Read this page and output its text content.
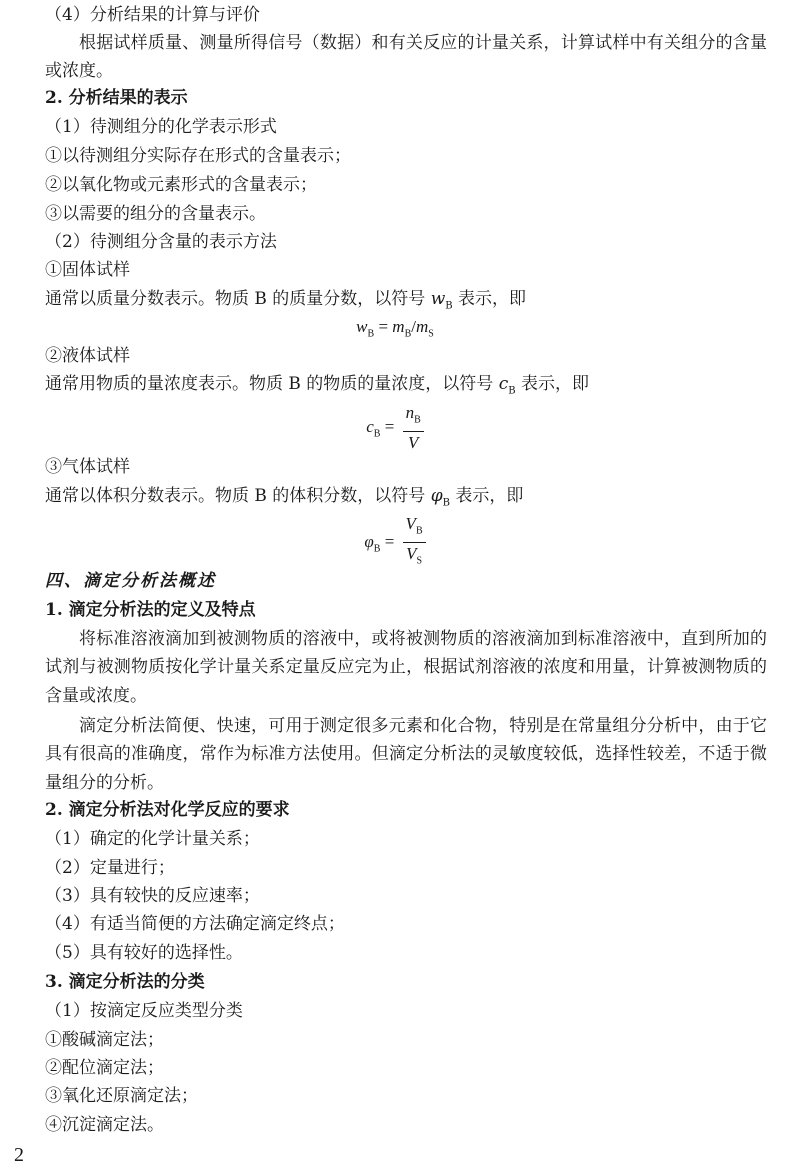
（4）分析结果的计算与评价
根据试样质量、测量所得信号（数据）和有关反应的计量关系，计算试样中有关组分的含量或浓度。
2. 分析结果的表示
（1）待测组分的化学表示形式
①以待测组分实际存在形式的含量表示；
②以氧化物或元素形式的含量表示；
③以需要的组分的含量表示。
（2）待测组分含量的表示方法
①固体试样
通常以质量分数表示。物质 B 的质量分数，以符号 $w_B$ 表示，即
$w_B = m_B/m_S$
②液体试样
通常用物质的量浓度表示。物质 B 的物质的量浓度，以符号 $c_B$ 表示，即
$c_B = \frac{n_B}{V}$
③气体试样
通常以体积分数表示。物质 B 的体积分数，以符号 $\varphi_B$ 表示，即
$\varphi_B = \frac{V_B}{V_S}$
四、滴定分析法概述
1. 滴定分析法的定义及特点
将标准溶液滴加到被测物质的溶液中，或将被测物质的溶液滴加到标准溶液中，直到所加的试剂与被测物质按化学计量关系定量反应完为止，根据试剂溶液的浓度和用量，计算被测物质的含量或浓度。
滴定分析法简便、快速，可用于测定很多元素和化合物，特别是在常量组分分析中，由于它具有很高的准确度，常作为标准方法使用。但滴定分析法的灵敏度较低，选择性较差，不适于微量组分的分析。
2. 滴定分析法对化学反应的要求
（1）确定的化学计量关系；
（2）定量进行；
（3）具有较快的反应速率；
（4）有适当简便的方法确定滴定终点；
（5）具有较好的选择性。
3. 滴定分析法的分类
（1）按滴定反应类型分类
①酸碱滴定法；
②配位滴定法；
③氧化还原滴定法；
④沉淀滴定法。
2
